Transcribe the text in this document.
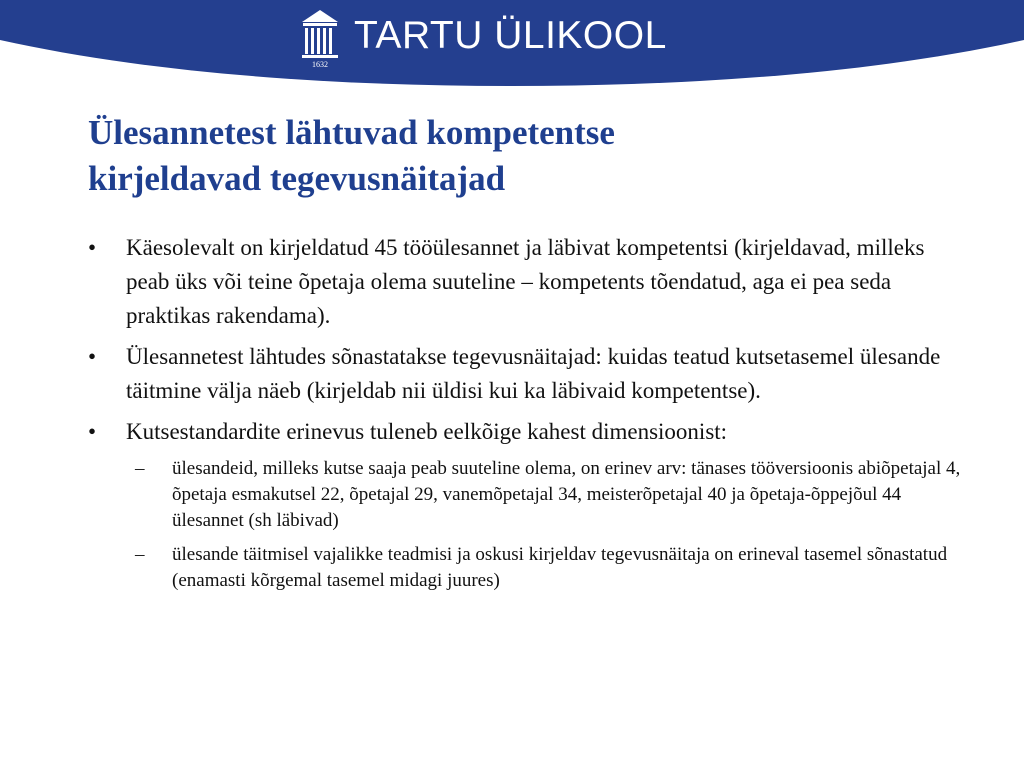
1632
TARTU ÜLIKOOL
Ülesannetest lähtuvad kompetentse
kirjeldavad tegevusnäitajad
• Käesolevalt on kirjeldatud 45 tööülesannet ja läbivat kompetentsi (kirjeldavad, milleks peab üks või teine õpetaja olema suuteline – kompetents tõendatud, aga ei pea seda praktikas rakendama).
• Ülesannetest lähtudes sõnastatakse tegevusnäitajad: kuidas teatud kutsetasemel ülesande täitmine välja näeb (kirjeldab nii üldisi kui ka läbivaid kompetentse).
• Kutsestandardite erinevus tuleneb eelkõige kahest dimensioonist:
– ülesandeid, milleks kutse saaja peab suuteline olema, on erinev arv: tänases tööversioonis abiõpetajal 4, õpetaja esmakutsel 22, õpetajal 29, vanemõpetajal 34, meisterõpetajal 40 ja õpetaja-õppejõul 44 ülesannet (sh läbivad)
– ülesande täitmisel vajalikke teadmisi ja oskusi kirjeldav tegevusnäitaja on erineval tasemel sõnastatud (enamasti kõrgemal tasemel midagi juures)
